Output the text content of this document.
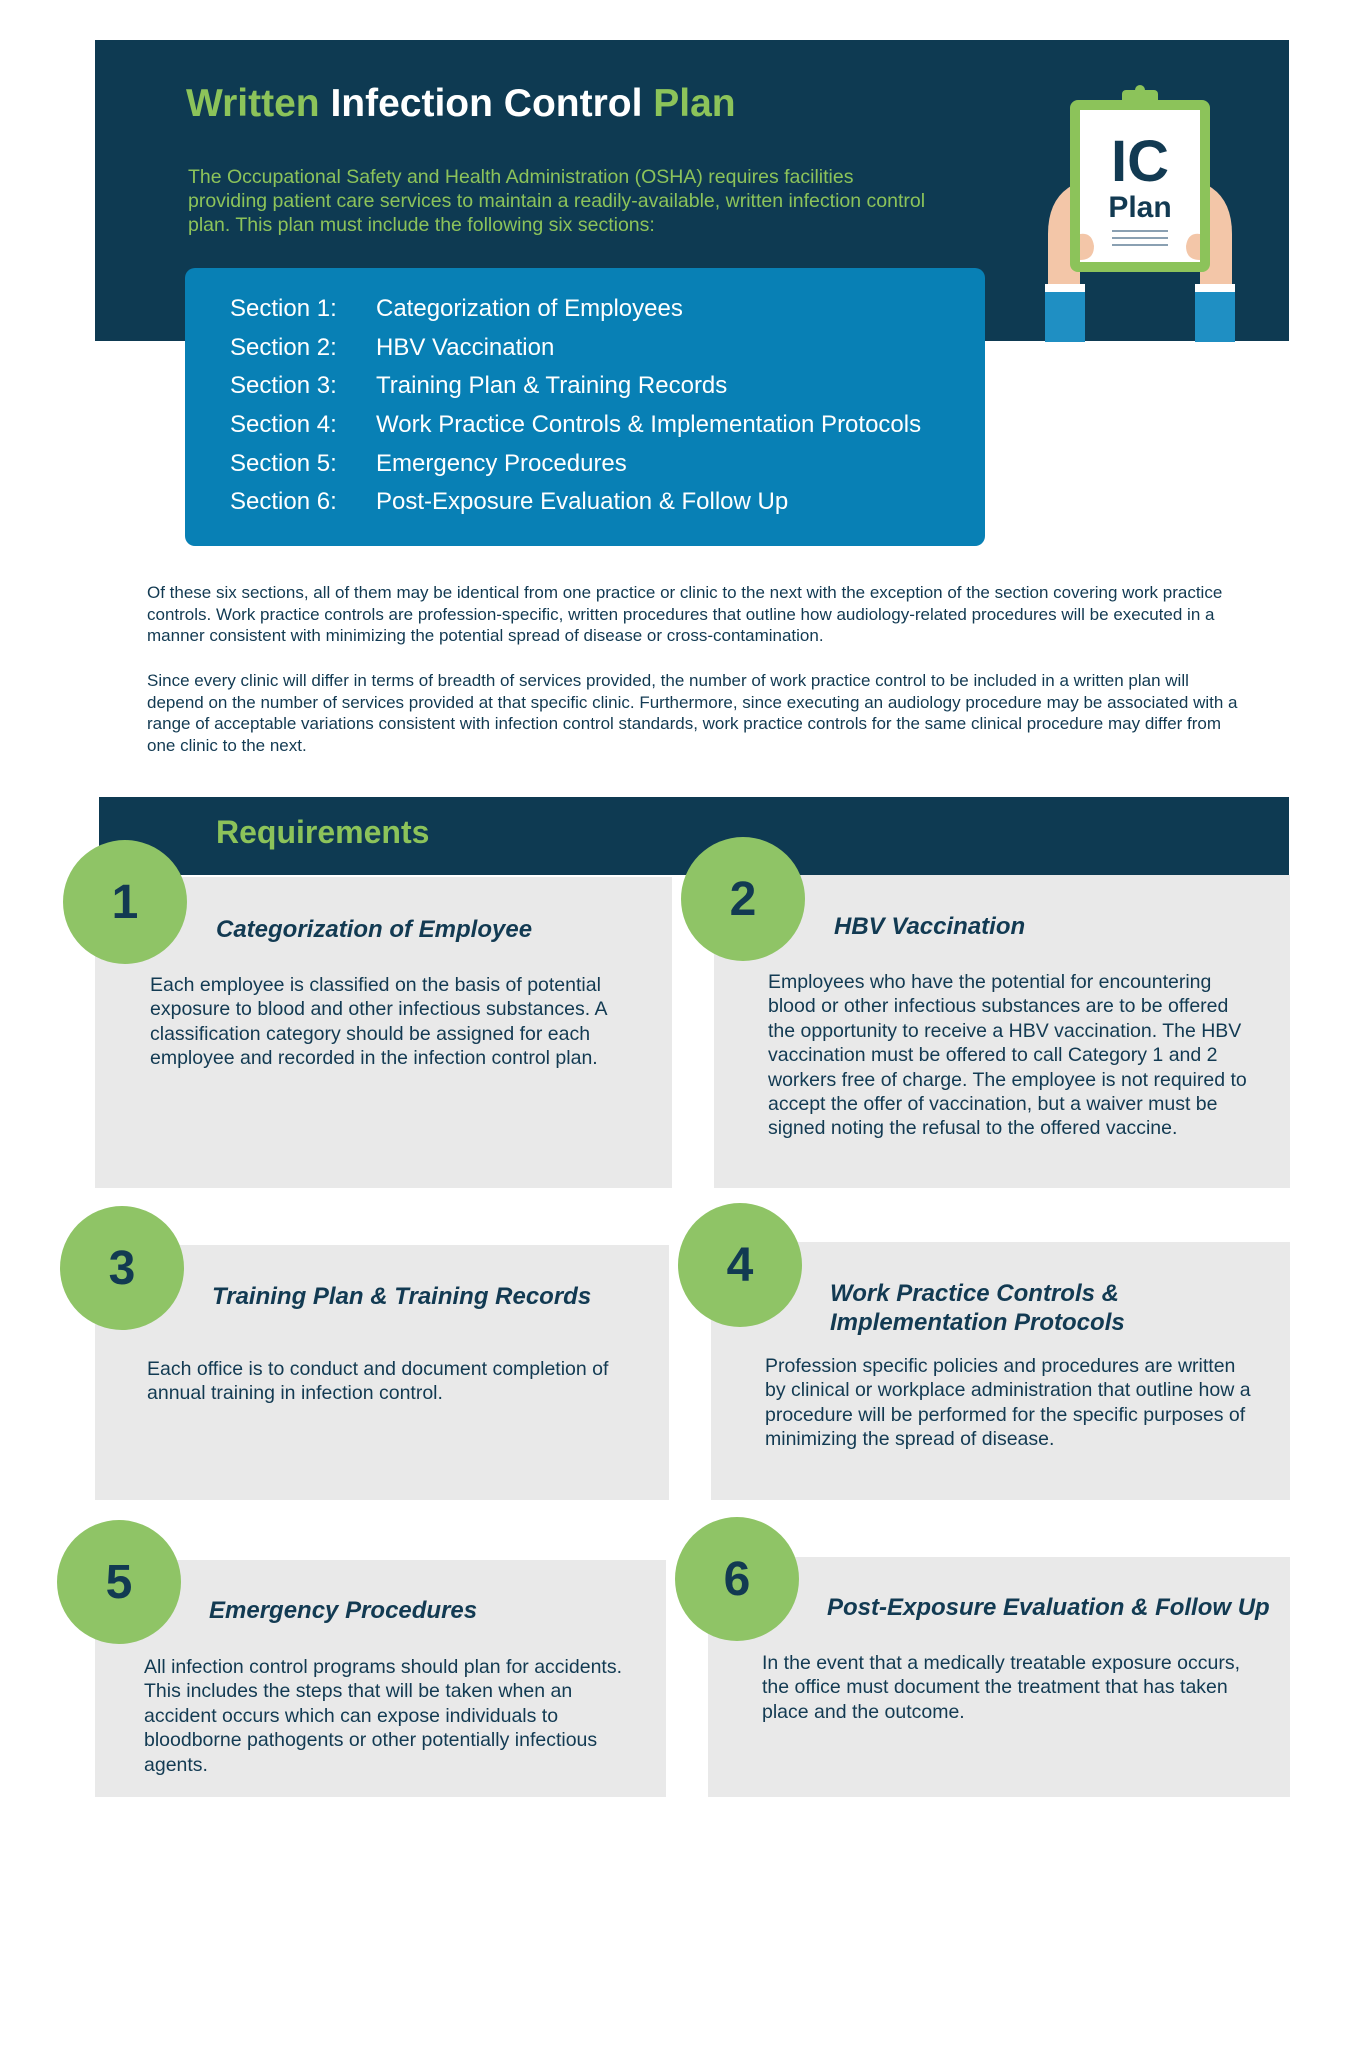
Written Infection Control Plan
The Occupational Safety and Health Administration (OSHA) requires facilities providing patient care services to maintain a readily-available, written infection control plan. This plan must include the following six sections:
IC
Plan
Section 1:	Categorization of Employees
Section 2:	HBV Vaccination
Section 3:	Training Plan & Training Records
Section 4:	Work Practice Controls & Implementation Protocols
Section 5:	Emergency Procedures
Section 6:	Post-Exposure Evaluation & Follow Up

Of these six sections, all of them may be identical from one practice or clinic to the next with the exception of the section covering work practice controls. Work practice controls are profession-specific, written procedures that outline how audiology-related procedures will be executed in a manner consistent with minimizing the potential spread of disease or cross-contamination.

Since every clinic will differ in terms of breadth of services provided, the number of work practice control to be included in a written plan will depend on the number of services provided at that specific clinic. Furthermore, since executing an audiology procedure may be associated with a range of acceptable variations consistent with infection control standards, work practice controls for the same clinical procedure may differ from one clinic to the next.

Requirements
1
Categorization of Employee
Each employee is classified on the basis of potential exposure to blood and other infectious substances. A classification category should be assigned for each employee and recorded in the infection control plan.
2
HBV Vaccination
Employees who have the potential for encountering blood or other infectious substances are to be offered the opportunity to receive a HBV vaccination. The HBV vaccination must be offered to call Category 1 and 2 workers free of charge. The employee is not required to accept the offer of vaccination, but a waiver must be signed noting the refusal to the offered vaccine.
3
Training Plan & Training Records
Each office is to conduct and document completion of annual training in infection control.
4
Work Practice Controls & Implementation Protocols
Profession specific policies and procedures are written by clinical or workplace administration that outline how a procedure will be performed for the specific purposes of minimizing the spread of disease.
5
Emergency Procedures
All infection control programs should plan for accidents. This includes the steps that will be taken when an accident occurs which can expose individuals to bloodborne pathogents or other potentially infectious agents.
6
Post-Exposure Evaluation & Follow Up
In the event that a medically treatable exposure occurs, the office must document the treatment that has taken place and the outcome.
